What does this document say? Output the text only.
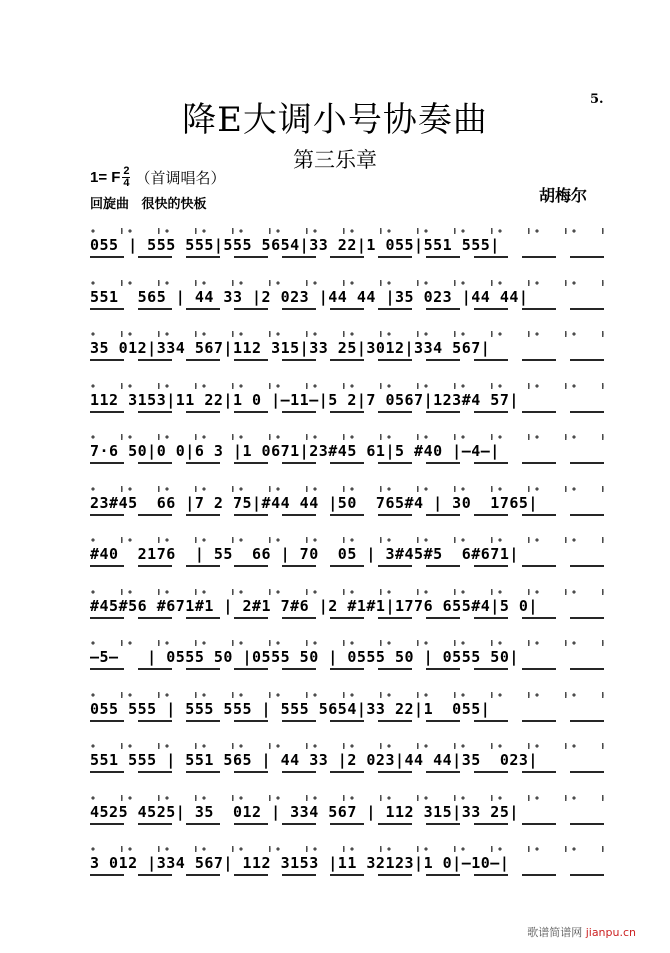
5.
降E大调小号协奏曲
第三乐章
1= F $\frac{2}{4}$ （首调唱名）
回旋曲 很快的快板	胡梅尔
055 | 555 555|555 5654|33 22|1 055|551 555|
551  565 | 44 33 |2 023 |44 44 |35 023 |44 44|
35 012|334 567|112 315|33 25|3012|334 567|
112 3153|11 22|1 0 |—11—|5 2|7 0567|123#4 57|
7·6 50|0 0|6 3 |1 0671|23#45 61|5 #40 |—4—|
23#45  66 |7 2 75|#44 44 |50  765#4 | 30  1765|
#40  2176  | 55  66 | 70  05 | 3#45#5  6#671|
#45#56 #671#1 | 2#1 7#6 |2 #1#1|1776 655#4|5 0|
—5—   | 0555 50 |0555 50 | 0555 50 | 0555 50|
055 555 | 555 555 | 555 5654|33 22|1  055|
551 555 | 551 565 | 44 33 |2 023|44 44|35  023|
4525 4525| 35  012 | 334 567 | 112 315|33 25|
3 012 |334 567| 112 3153 |11 32123|1 0|—10—|
歌谱简谱网 jianpu.cn
